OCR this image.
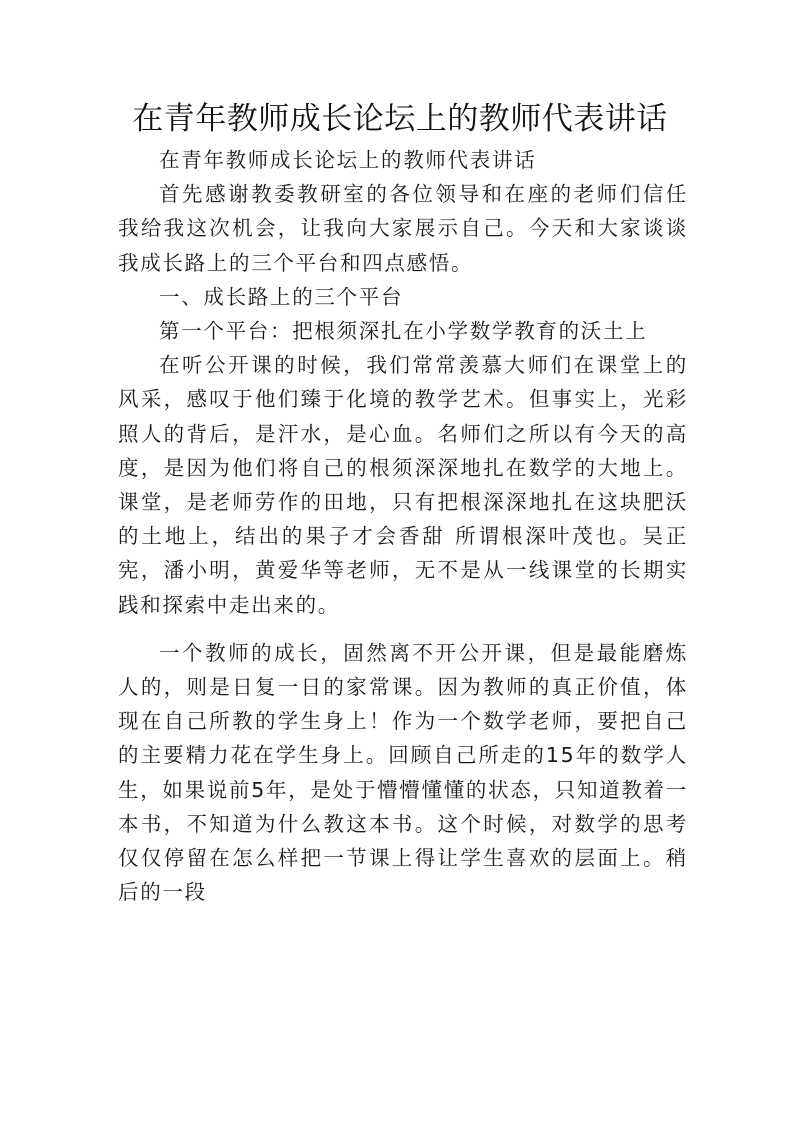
在青年教师成长论坛上的教师代表讲话

在青年教师成长论坛上的教师代表讲话

首先感谢教委教研室的各位领导和在座的老师们信任我给我这次机会，让我向大家展示自己。今天和大家谈谈我成长路上的三个平台和四点感悟。

一、成长路上的三个平台

第一个平台：把根须深扎在小学数学教育的沃土上

在听公开课的时候，我们常常羡慕大师们在课堂上的风采，感叹于他们臻于化境的教学艺术。但事实上，光彩照人的背后，是汗水，是心血。名师们之所以有今天的高度，是因为他们将自己的根须深深地扎在数学的大地上。课堂，是老师劳作的田地，只有把根深深地扎在这块肥沃的土地上，结出的果子才会香甜 所谓根深叶茂也。吴正宪，潘小明，黄爱华等老师，无不是从一线课堂的长期实践和探索中走出来的。

一个教师的成长，固然离不开公开课，但是最能磨炼人的，则是日复一日的家常课。因为教师的真正价值，体现在自己所教的学生身上！作为一个数学老师，要把自己的主要精力花在学生身上。回顾自己所走的15年的数学人生，如果说前5年，是处于懵懵懂懂的状态，只知道教着一本书，不知道为什么教这本书。这个时候，对数学的思考 仅仅停留在怎么样把一节课上得让学生喜欢的层面上。稍后的一段
